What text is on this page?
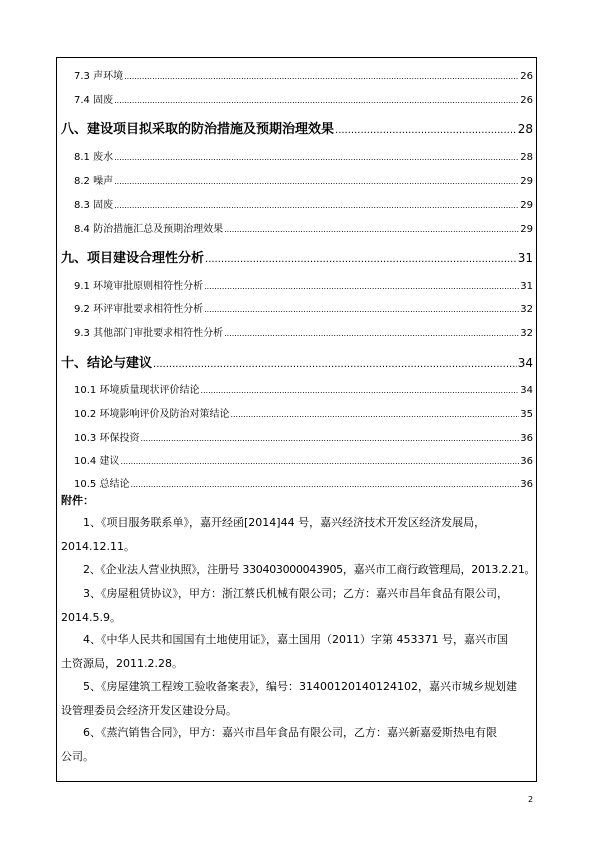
7.3 声环境 .....	26
7.4 固废 .....	26
八、建设项目拟采取的防治措施及预期治理效果 .....	28
8.1 废水 .....	28
8.2 噪声 .....	29
8.3 固废 .....	29
8.4 防治措施汇总及预期治理效果 .....	29
九、项目建设合理性分析 .....	31
9.1 环境审批原则相符性分析 .....	31
9.2 环评审批要求相符性分析 .....	32
9.3 其他部门审批要求相符性分析 .....	32
十、结论与建议 .....	34
10.1 环境质量现状评价结论 .....	34
10.2 环境影响评价及防治对策结论 .....	35
10.3 环保投资 .....	36
10.4 建议 .....	36
10.5 总结论 .....	36
附件：
1、《项目服务联系单》，嘉开经函[2014]44 号，嘉兴经济技术开发区经济发展局，
2014.12.11。
2、《企业法人营业执照》，注册号 330403000043905，嘉兴市工商行政管理局，2013.2.21。
3、《房屋租赁协议》，甲方：浙江蔡氏机械有限公司；乙方：嘉兴市昌年食品有限公司，
2014.5.9。
4、《中华人民共和国国有土地使用证》，嘉土国用（2011）字第 453371 号，嘉兴市国
土资源局，2011.2.28。
5、《房屋建筑工程竣工验收备案表》，编号：31400120140124102，嘉兴市城乡规划建
设管理委员会经济开发区建设分局。
6、《蒸汽销售合同》，甲方：嘉兴市昌年食品有限公司，乙方：嘉兴新嘉爱斯热电有限
公司。
2
